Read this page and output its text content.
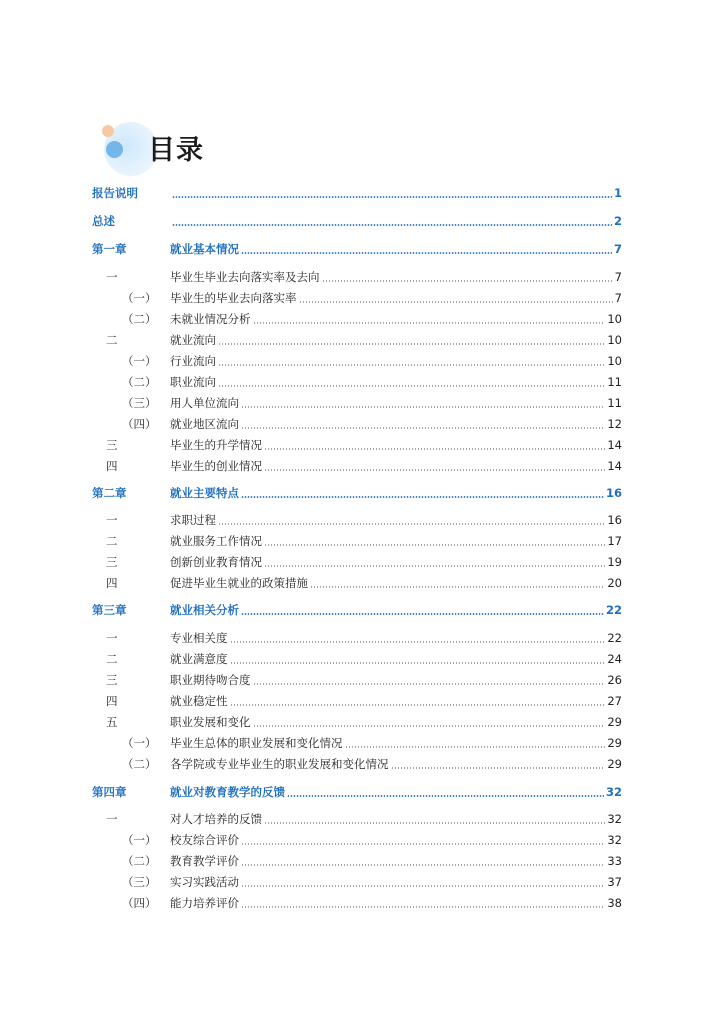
目录
报告说明	1
总述	2
第一章	就业基本情况	7
一	毕业生毕业去向落实率及去向	7
（一） 毕业生的毕业去向落实率	7
（二） 未就业情况分析	10
二	就业流向	10
（一） 行业流向	10
（二） 职业流向	11
（三） 用人单位流向	11
（四） 就业地区流向	12
三	毕业生的升学情况	14
四	毕业生的创业情况	14
第二章	就业主要特点	16
一	求职过程	16
二	就业服务工作情况	17
三	创新创业教育情况	19
四	促进毕业生就业的政策措施	20
第三章	就业相关分析	22
一	专业相关度	22
二	就业满意度	24
三	职业期待吻合度	26
四	就业稳定性	27
五	职业发展和变化	29
（一） 毕业生总体的职业发展和变化情况	29
（二） 各学院或专业毕业生的职业发展和变化情况	29
第四章	就业对教育教学的反馈	32
一	对人才培养的反馈	32
（一） 校友综合评价	32
（二） 教育教学评价	33
（三） 实习实践活动	37
（四） 能力培养评价	38
